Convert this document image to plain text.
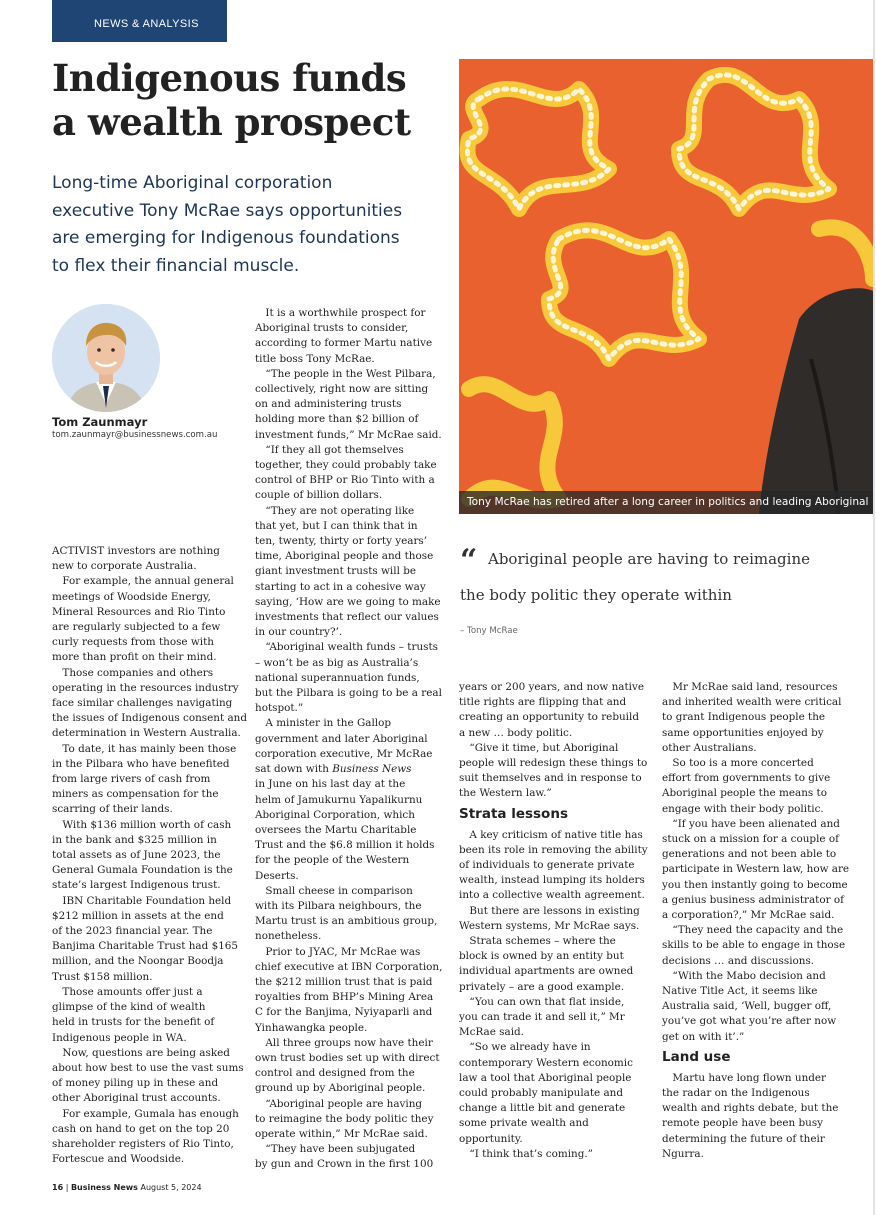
NEWS & ANALYSIS
Indigenous funds
a wealth prospect
Long-time Aboriginal corporation
executive Tony McRae says opportunities
are emerging for Indigenous foundations
to flex their financial muscle.
Tom Zaunmayr
tom.zaunmayr@businessnews.com.au
ACTIVIST investors are nothing
new to corporate Australia.
 For example, the annual general
meetings of Woodside Energy,
Mineral Resources and Rio Tinto
are regularly subjected to a few
curly requests from those with
more than profit on their mind.
 Those companies and others
operating in the resources industry
face similar challenges navigating
the issues of Indigenous consent and
determination in Western Australia.
 To date, it has mainly been those
in the Pilbara who have benefited
from large rivers of cash from
miners as compensation for the
scarring of their lands.
 With $136 million worth of cash
in the bank and $325 million in
total assets as of June 2023, the
General Gumala Foundation is the
state’s largest Indigenous trust.
 IBN Charitable Foundation held
$212 million in assets at the end
of the 2023 financial year. The
Banjima Charitable Trust had $165
million, and the Noongar Boodja
Trust $158 million.
 Those amounts offer just a
glimpse of the kind of wealth
held in trusts for the benefit of
Indigenous people in WA.
 Now, questions are being asked
about how best to use the vast sums
of money piling up in these and
other Aboriginal trust accounts.
 For example, Gumala has enough
cash on hand to get on the top 20
shareholder registers of Rio Tinto,
Fortescue and Woodside.
 It is a worthwhile prospect for
Aboriginal trusts to consider,
according to former Martu native
title boss Tony McRae.
 “The people in the West Pilbara,
collectively, right now are sitting
on and administering trusts
holding more than $2 billion of
investment funds,” Mr McRae said.
 “If they all got themselves
together, they could probably take
control of BHP or Rio Tinto with a
couple of billion dollars.
 “They are not operating like
that yet, but I can think that in
ten, twenty, thirty or forty years’
time, Aboriginal people and those
giant investment trusts will be
starting to act in a cohesive way
saying, ‘How are we going to make
investments that reflect our values
in our country?’.
 “Aboriginal wealth funds – trusts
– won’t be as big as Australia’s
national superannuation funds,
but the Pilbara is going to be a real
hotspot.”
 A minister in the Gallop
government and later Aboriginal
corporation executive, Mr McRae
sat down with Business News
in June on his last day at the
helm of Jamukurnu Yapalikurnu
Aboriginal Corporation, which
oversees the Martu Charitable
Trust and the $6.8 million it holds
for the people of the Western
Deserts.
 Small cheese in comparison
with its Pilbara neighbours, the
Martu trust is an ambitious group,
nonetheless.
 Prior to JYAC, Mr McRae was
chief executive at IBN Corporation,
the $212 million trust that is paid
royalties from BHP’s Mining Area
C for the Banjima, Nyiyaparli and
Yinhawangka people.
 All three groups now have their
own trust bodies set up with direct
control and designed from the
ground up by Aboriginal people.
 “Aboriginal people are having
to reimagine the body politic they
operate within,” Mr McRae said.
 “They have been subjugated
by gun and Crown in the first 100
years or 200 years, and now native
title rights are flipping that and
creating an opportunity to rebuild
a new … body politic.
 “Give it time, but Aboriginal
people will redesign these things to
suit themselves and in response to
the Western law.”
Strata lessons
 A key criticism of native title has
been its role in removing the ability
of individuals to generate private
wealth, instead lumping its holders
into a collective wealth agreement.
 But there are lessons in existing
Western systems, Mr McRae says.
 Strata schemes – where the
block is owned by an entity but
individual apartments are owned
privately – are a good example.
 “You can own that flat inside,
you can trade it and sell it,” Mr
McRae said.
 “So we already have in
contemporary Western economic
law a tool that Aboriginal people
could probably manipulate and
change a little bit and generate
some private wealth and
opportunity.
 “I think that’s coming.”
 Mr McRae said land, resources
and inherited wealth were critical
to grant Indigenous people the
same opportunities enjoyed by
other Australians.
 So too is a more concerted
effort from governments to give
Aboriginal people the means to
engage with their body politic.
 “If you have been alienated and
stuck on a mission for a couple of
generations and not been able to
participate in Western law, how are
you then instantly going to become
a genius business administrator of
a corporation?,” Mr McRae said.
 “They need the capacity and the
skills to be able to engage in those
decisions … and discussions.
 “With the Mabo decision and
Native Title Act, it seems like
Australia said, ‘Well, bugger off,
you’ve got what you’re after now
get on with it’.”
Land use
 Martu have long flown under
the radar on the Indigenous
wealth and rights debate, but the
remote people have been busy
determining the future of their
Ngurra.
Tony McRae has retired after a long career in politics and leading Aboriginal
“ Aboriginal people are having to reimagine
the body politic they operate within
– Tony McRae
16 | Business News August 5, 2024
